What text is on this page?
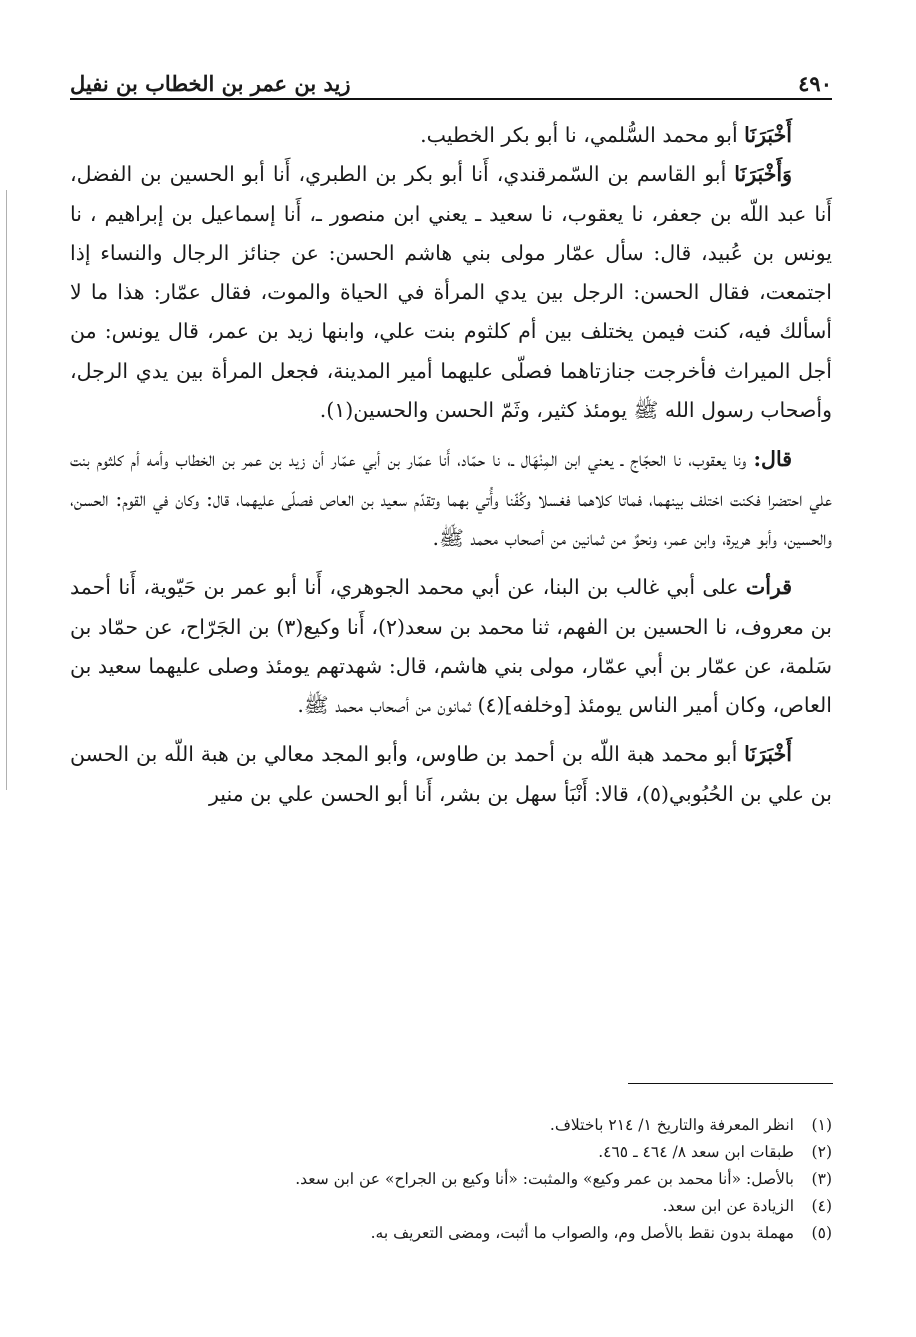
٤٩٠
زيد بن عمر بن الخطاب بن نفيل

أَخْبَرَنَا أبو محمد السُّلمي، نا أبو بكر الخطيب.

وَأَخْبَرَنَا أبو القاسم بن السّمرقندي، أَنا أبو بكر بن الطبري، أَنا أبو الحسين بن الفضل، أَنا عبد اللّه بن جعفر، نا يعقوب، نا سعيد ـ يعني ابن منصور ـ، أَنا إسماعيل بن إبراهيم ، نا يونس بن عُبيد، قال: سأل عمّار مولى بني هاشم الحسن: عن جنائز الرجال والنساء إذا اجتمعت، فقال الحسن: الرجل بين يدي المرأة في الحياة والموت، فقال عمّار: هذا ما لا أسألك فيه، كنت فيمن يختلف بين أم كلثوم بنت علي، وابنها زيد بن عمر، قال يونس: من أجل الميراث فأخرجت جنازتاهما فصلّى عليهما أمير المدينة، فجعل المرأة بين يدي الرجل، وأصحاب رسول الله ﷺ يومئذ كثير، وثَمّ الحسن والحسين(١).

قال: ونا يعقوب، نا الحجّاج ـ يعني ابن المِنْهَال ـ، نا حمّاد، أَنا عمّار بن أبي عمّار أن زيد بن عمر بن الخطاب وأمه أم كلثوم بنت علي احتضرا فكنت اختلف بينهما، فماتا كلاهما فغسلا وكُفّنا وأُتي بهما وتقدّم سعيد بن العاص فصلّى عليهما، قال: وكان في القوم: الحسن، والحسين، وأبو هريرة، وابن عمر، ونحوٌ من ثمانين من أصحاب محمد ﷺ.

قرأت على أبي غالب بن البنا، عن أبي محمد الجوهري، أَنا أبو عمر بن حَيّوية، أَنا أحمد بن معروف، نا الحسين بن الفهم، ثنا محمد بن سعد(٢)، أَنا وكيع(٣) بن الجَرّاح، عن حمّاد بن سَلمة، عن عمّار بن أبي عمّار، مولى بني هاشم، قال: شهدتهم يومئذ وصلى عليهما سعيد بن العاص، وكان أمير الناس يومئذ [وخلفه](٤) ثمانون من أصحاب محمد ﷺ.

أَخْبَرَنَا أبو محمد هبة اللّه بن أحمد بن طاوس، وأبو المجد معالي بن هبة اللّه بن الحسن بن علي بن الحُبُوبي(٥)، قالا: أَنْبَأ سهل بن بشر، أَنا أبو الحسن علي بن منير

(١)
انظر المعرفة والتاريخ ١/ ٢١٤ باختلاف.
(٢)
طبقات ابن سعد ٨/ ٤٦٤ ـ ٤٦٥.
(٣)
بالأصل: «أنا محمد بن عمر وكيع» والمثبت: «أنا وكيع بن الجراح» عن ابن سعد.
(٤)
الزيادة عن ابن سعد.
(٥)
مهملة بدون نقط بالأصل وم، والصواب ما أثبت، ومضى التعريف به.
